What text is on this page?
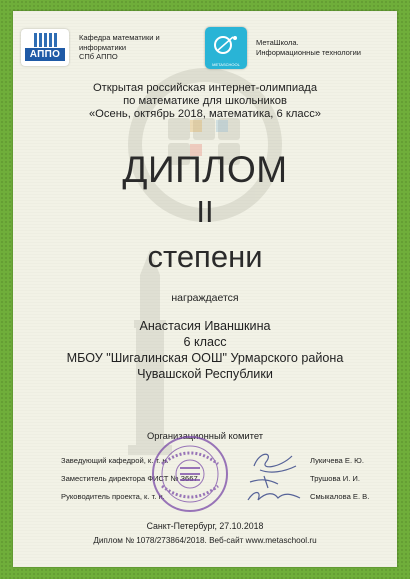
АППО
Кафедра математики и
информатики
СПб АППО
METASCHOOL
МетаШкола.
Информационные технологии
Открытая российская интернет-олимпиада
по математике для школьников
«Осень, октябрь 2018, математика, 6 класс»
ДИПЛОМ
II
степени
награждается
Анастасия Иваншкина
6 класс
МБОУ "Шигалинская ООШ" Урмарского района
Чувашской Республики
Организационный комитет
Заведующий кафедрой, к. т. н.	Лукичева Е. Ю.
Заместитель директора ФИСТ № 3667	Трушова И. И.
Руководитель проекта, к. т. н.	Смыкалова Е. В.
Санкт-Петербург, 27.10.2018
Диплом № 1078/273864/2018. Веб-сайт www.metaschool.ru
